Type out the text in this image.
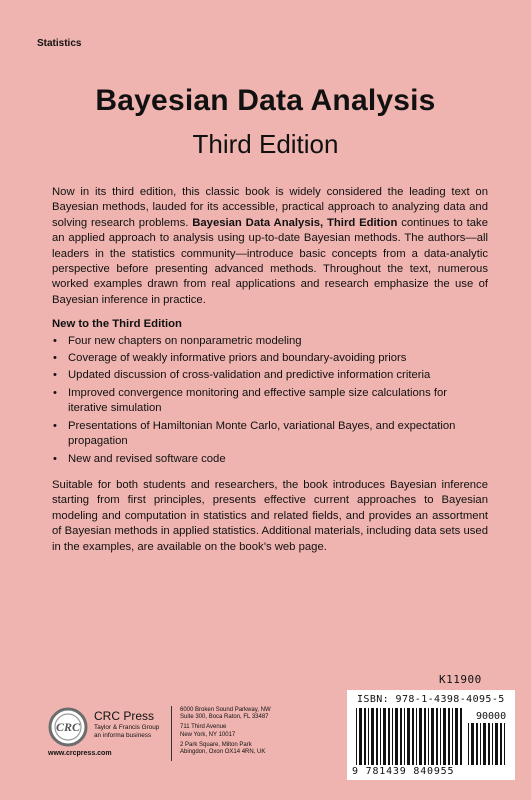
Statistics
Bayesian Data Analysis
Third Edition

Now in its third edition, this classic book is widely considered the leading text on Bayesian methods, lauded for its accessible, practical approach to analyzing data and solving research problems. Bayesian Data Analysis, Third Edition continues to take an applied approach to analysis using up-to-date Bayesian methods. The authors—all leaders in the statistics community—introduce basic concepts from a data-analytic perspective before presenting advanced methods. Throughout the text, numerous worked examples drawn from real applications and research emphasize the use of Bayesian inference in practice.

New to the Third Edition
• Four new chapters on nonparametric modeling
• Coverage of weakly informative priors and boundary-avoiding priors
• Updated discussion of cross-validation and predictive information criteria
• Improved convergence monitoring and effective sample size calculations for iterative simulation
• Presentations of Hamiltonian Monte Carlo, variational Bayes, and expectation propagation
• New and revised software code

Suitable for both students and researchers, the book introduces Bayesian inference starting from first principles, presents effective current approaches to Bayesian modeling and computation in statistics and related fields, and provides an assortment of Bayesian methods in applied statistics. Additional materials, including data sets used in the examples, are available on the book’s web page.

CRC
CRC Press
Taylor & Francis Group
an informa business
www.crcpress.com
6000 Broken Sound Parkway, NW
Suite 300, Boca Raton, FL 33487
711 Third Avenue
New York, NY 10017
2 Park Square, Milton Park
Abingdon, Oxon OX14 4RN, UK
K11900
ISBN: 978-1-4398-4095-5
90000
9 781439 840955
